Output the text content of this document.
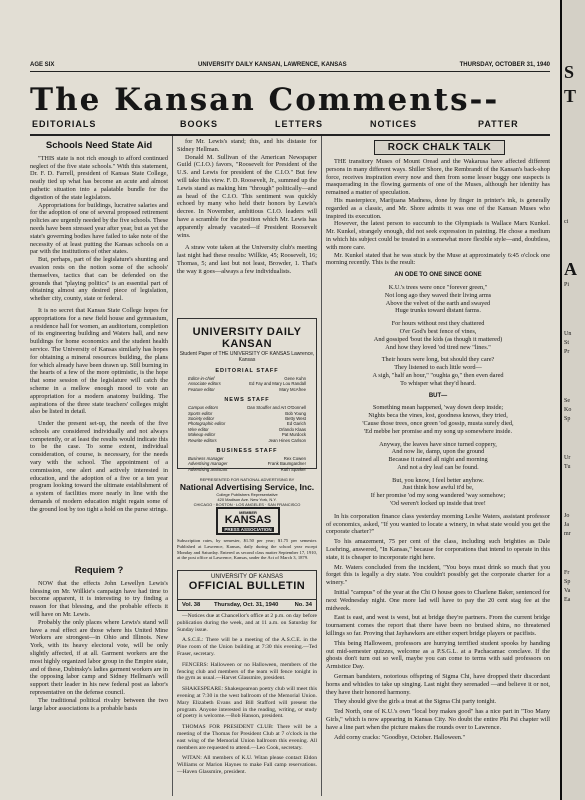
AGE SIX	UNIVERSITY DAILY KANSAN, LAWRENCE, KANSAS	THURSDAY, OCTOBER 31, 1940
The Kansan Comments--
EDITORIALS	BOOKS	LETTERS	NOTICES	PATTER
Schools Need State Aid

"THIS state is not rich enough to afford continued neglect of the five state schools." With this statement, Dr. F. D. Farrell, president of Kansas State College, neatly tied up what has become an acute and almost pathetic situation into a palatable bundle for the digestion of the state legislators.

Appropriations for buildings, lucrative salaries and for the adoption of one of several proposed retirement policies are urgently needed by the five schools. These needs have been stressed year after year, but as yet the state's governing bodies have failed to take note of the necessity of at least putting the Kansas schools on a par with the institutions of other states.

But, perhaps, part of the legislature's shunting and evasion rests on the notion some of the schools' themselves, tactics that can be defended on the grounds that "playing politics" is an essential part of obtaining almost any desired piece of legislation, whether city, county, state or federal.

It is no secret that Kansas State College hopes for appropriations for a new field house and gymnasium, a residence hall for women, an auditorium, completion of its engineering building and Waters hall, and new buildings for home economics and the student health service. The University of Kansas similarly has hopes for obtaining a mineral resources building, the plans for which already have been drawn up. Still burning in the hearts of a few of the more optimistic, is the hope that some session of the legislature will catch the scheme in a mellow enough mood to vote an appropriation for a modern anatomy building. The aspirations of the three state teachers' colleges might also be listed in detail.

Under the present set-up, the needs of the five schools are considered individually and not always competently, or at least the results would indicate this to be the case. To some extent, individual consideration, of course, is necessary, for the needs vary with the school. The appointment of a commission, one alert and actively interested in education, and the adoption of a five or a ten year program looking toward the ultimate establishment of a system of facilities more nearly in line with the demands of modern education might regain some of the ground lost by too tight a hold on the purse strings.

Requiem ?

NOW that the effects John Lewellyn Lewis's blessing on Mr. Willkie's campaign have had time to become apparent, it is interesting to try finding a reason for that blessing, and the probable effects it will have on Mr. Lewis.

Probably the only places where Lewis's stand will have a real effect are those where his United Mine Workers are strongest—in Ohio and Illinois. New York, with its heavy electoral vote, will be only slightly affected, if at all. Garment workers are the most highly organized labor group in the Empire state, and of these, Dubinsky's ladies garment workers are in the opposing labor camp and Sidney Hellman's will support their leader in his new federal post as labor's representative on the defense council.

The traditional political rivalry between the two large labor associations is a probable basis

for Mr. Lewis's stand; this, and his distaste for Sidney Hellman.

Donald M. Sullivan of the American Newspaper Guild (C.I.O.) favors, "Roosevelt for President of the U.S. and Lewis for president of the C.I.O." But few will take this view. F. D. Roosevelt, Jr., summed up the Lewis stand as making him "through" politically—and as head of the C.I.O. This sentiment was quickly echoed by many who held their honors by Lewis's decree. In November, ambitious C.I.O. leaders will have a scramble for the position which Mr. Lewis has apparently already vacated—if President Roosevelt wins.

A straw vote taken at the University club's meeting last night had these results: Willkie, 45; Roosevelt, 16; Thomas, 5; and last but not least, Browder, 1. That's the way it goes—always a few individualists.

UNIVERSITY DAILY KANSAN
Student Paper of THE UNIVERSITY OF KANSAS Lawrence, Kansas
EDITORIAL STAFF
Editor-in-chief	Gene Kuhn
Associate editors	Ed Fay and Mary Lou Randall
Feature editor	Mary McAfree
NEWS STAFF
Campus editors	Dan Stouffer and Art O'Donnell
Sports editor	Bob Young
Society editor	Betty West
Photographic editor	Ed Garich
Wire editor	Orlando Klaas
Makeup editor	Pat Murdock
Rewrite editors	Jean Hines Carlson
BUSINESS STAFF
Business manager	Rex Cowen
Advertising manager	Frank Baumgardner
Advertising assistant	Ruth Sparker
REPRESENTED FOR NATIONAL ADVERTISING BY
National Advertising Service, Inc.
College Publishers Representative
420 Madison Ave. New York, N.Y.
CHICAGO · BOSTON · LOS ANGELES · SAN FRANCISCO
MEMBER
KANSAS
PRESS ASSOCIATION
Subscription rates, by semester, $1.50 per year; $1.75 per semester. Published at Lawrence, Kansas, daily during the school year except Monday and Saturday. Entered as second class matter September 17, 1910, at the post office at Lawrence, Kansas, under the Act of March 3, 1879.
UNIVERSITY OF KANSAS
OFFICIAL BULLETIN
Vol. 38 Thursday, Oct. 31, 1940	No. 34

—Notices due at Chancellor's office at 2 p.m. on day before publication during the week, and at 11 a.m. on Saturday for Sunday issue.

A.S.C.E.: There will be a meeting of the A.S.C.E. in the Pine room of the Union building at 7:30 this evening.—Ted Fraser, secretary.

FENCERS: Halloween or no Halloween, members of the fencing club and members of the team will fence tonight in the gym as usual.—Harvet Glassmire, president.

SHAKESPEARE: Shakespearean poetry club will meet this evening at 7:30 in the west ballroom of the Memorial Union. Mary Elizabeth Evans and Bill Stafford will present the program. Anyone interested in the reading, writing, or study of poetry is welcome.—Bob Hanson, president.

THOMAS FOR PRESIDENT CLUB: There will be a meeting of the Thomas for President Club at 7 o'clock in the east wing of the Memorial Union ballroom this evening. All members are requested to attend.—Leo Cook, secretary.

WITAN: All members of K.U. Witan please contact Eldon Williams or Marion Haynes to make Fall camp reservations.—Haven Glassmire, president.

ROCK CHALK TALK

THE transitory Muses of Mount Oread and the Wakarusa have affected different persons in many different ways. Shiller Shore, the Rembrandt of the Kansan's back-shop force, receives inspiration every now and then from some lesser buggy one suspects is masquerading in the flowing garments of one of the Muses, although her identity has remained a matter of speculation.

His masterpiece, Marijuana Madness, done by finger in printer's ink, is generally regarded as a classic, and Mr. Shore admits it was one of the Kansan Muses who inspired its execution.

However, the latest person to succumb to the Olympiads is Wallace Marx Kunkel. Mr. Kunkel, strangely enough, did not seek expression in painting. He chose a medium in which his subject could be treated in a somewhat more flexible style—and, doubtless, with more care.

Mr. Kunkel stated that he was stuck by the Muse at approximately 6:45 o'clock one morning recently. This is the result:

AN ODE TO ONE SINCE GONE
K.U.'s trees were once "forever green,"
Not long ago they waved their living arms
Above the velvet of the earth and swayed
Huge trunks toward distant farms.
For hours without rest they chattered
O'er God's best fence of vines,
And gossiped 'bout the kids (as though it mattered)
And how they loved 'od tired new "lines."
Their hours were long, but should they care?
They listened to each little word—
A sigh, "half an hour," "oughta go," then even dared
To whisper what they'd heard.
BUT—
Something mean happened, 'way down deep inside;
Nights beca the vines, lost, goodness knows, they tried,
'Cause those trees, once green 'od gossip, musta surely died,
'Ed mebbe her promise and my song up somewhere inside.
Anyway, the leaves have since turned coppery,
And now lie, damp, upon the ground
Because it rained all night and morning
And not a dry leaf can be found.
But, you know, I feel better anyhow.
Just think how awful it'd be,
If her promise 'od my song wandered 'way somehow;
'Od weren't locked up inside that tree!

In his corporation finance class yesterday morning Leslie Waters, assistant professor of economics, asked, "If you wanted to locate a winery, in what state would you get the corporate charter?"

To his amazement, 75 per cent of the class, including such brighties as Dale Loehring, answered, "In Kansas," because for corporations that intend to operate in this state, it is cheaper to incorporate right here.

Mr. Waters concluded from the incident, "You boys must drink so much that you forget this is legally a dry state. You couldn't possibly get the corporate charter for a winery."

Initial "campus" of the year at the Chi O house goes to Charlene Baker, sentenced for next Wednesday night. One more lad will have to pay the 20 cent stag fee at the midweek.

East is east, and west is west, but at bridge they're partners. From the current bridge tournament comes the report that there have been no bruised shins, no threatened killings so far. Proving that Jayhawkers are either expert bridge players or pacifists.

This being Halloween, professors are hurrying terrified student spooks by handing out mid-semester quizzes, welcome as a P.S.G.L. at a Pachacamac conclave. If the ghosts don't turn out so well, maybe you can come to terms with said professors on Armistice Day.

German bandsters, notorious offspring of Sigma Chi, have dropped their discordant horns and whistles to take up singing. Last night they serenaded —and believe it or not, they have their honored harmony.

They should give the girls a treat at the Sigma Chi party tonight.

Ted North, one of K.U.'s own "local boy makes good" has a nice part in "Too Many Girls," which is now appearing in Kansas City. No doubt the entire Phi Psi chapter will have a line part when the picture makes the rounds over to Lawrence.

Add corny cracks: "Goodbye, October. Halloween."

S
T
ci
A
Pi
Un
St
Pr
Se
Ko
Sp
Ur
Tu
Jo
Ja
mr
Fr
Sp
Va
Ea
